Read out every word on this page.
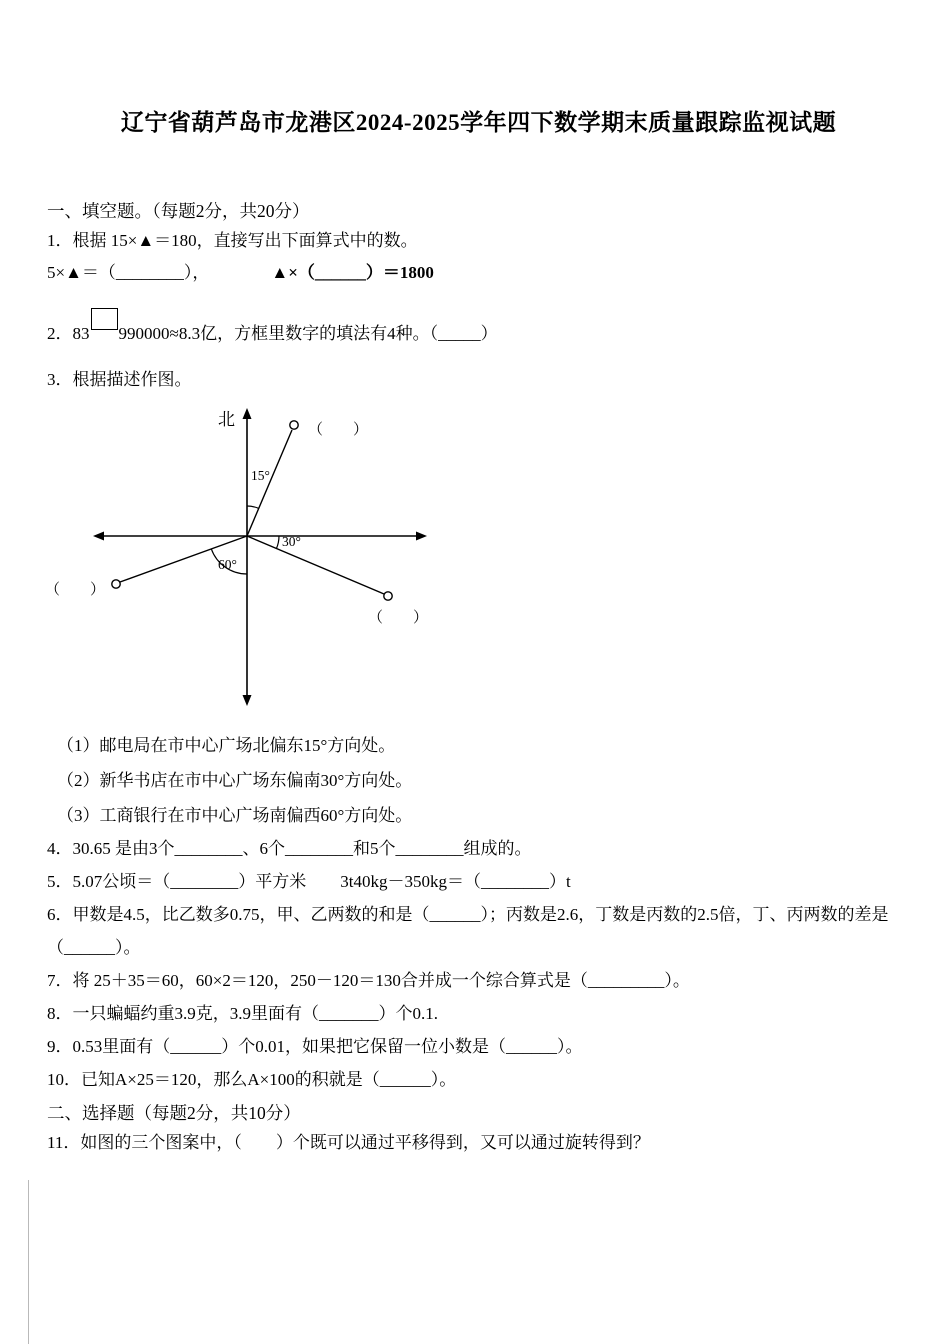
辽宁省葫芦岛市龙港区2024-2025学年四下数学期末质量跟踪监视试题
一、填空题。（每题2分，共20分）
1．根据 15×▲＝180，直接写出下面算式中的数。
5×▲＝（________），	▲×（______）＝1800
2．83 990000≈8.3亿，方框里数字的填法有4种。（_____）
3．根据描述作图。
北
（　　）
15°
（　　）
30°
（　　）
60°
（1）邮电局在市中心广场北偏东15°方向处。
（2）新华书店在市中心广场东偏南30°方向处。
（3）工商银行在市中心广场南偏西60°方向处。
4．30.65 是由3个________、6个________和5个________组成的。
5．5.07公顷＝（________）平方米　　3t40kg－350kg＝（________）t
6．甲数是4.5，比乙数多0.75，甲、乙两数的和是（______）；丙数是2.6，丁数是丙数的2.5倍，丁、丙两数的差是
（______）。
7．将 25＋35＝60，60×2＝120，250－120＝130合并成一个综合算式是（_________）。
8．一只蝙蝠约重3.9克，3.9里面有（_______）个0.1.
9．0.53里面有（______）个0.01，如果把它保留一位小数是（______）。
10．已知A×25＝120，那么A×100的积就是（______）。
二、选择题（每题2分，共10分）
11．如图的三个图案中，（　　）个既可以通过平移得到，又可以通过旋转得到？
